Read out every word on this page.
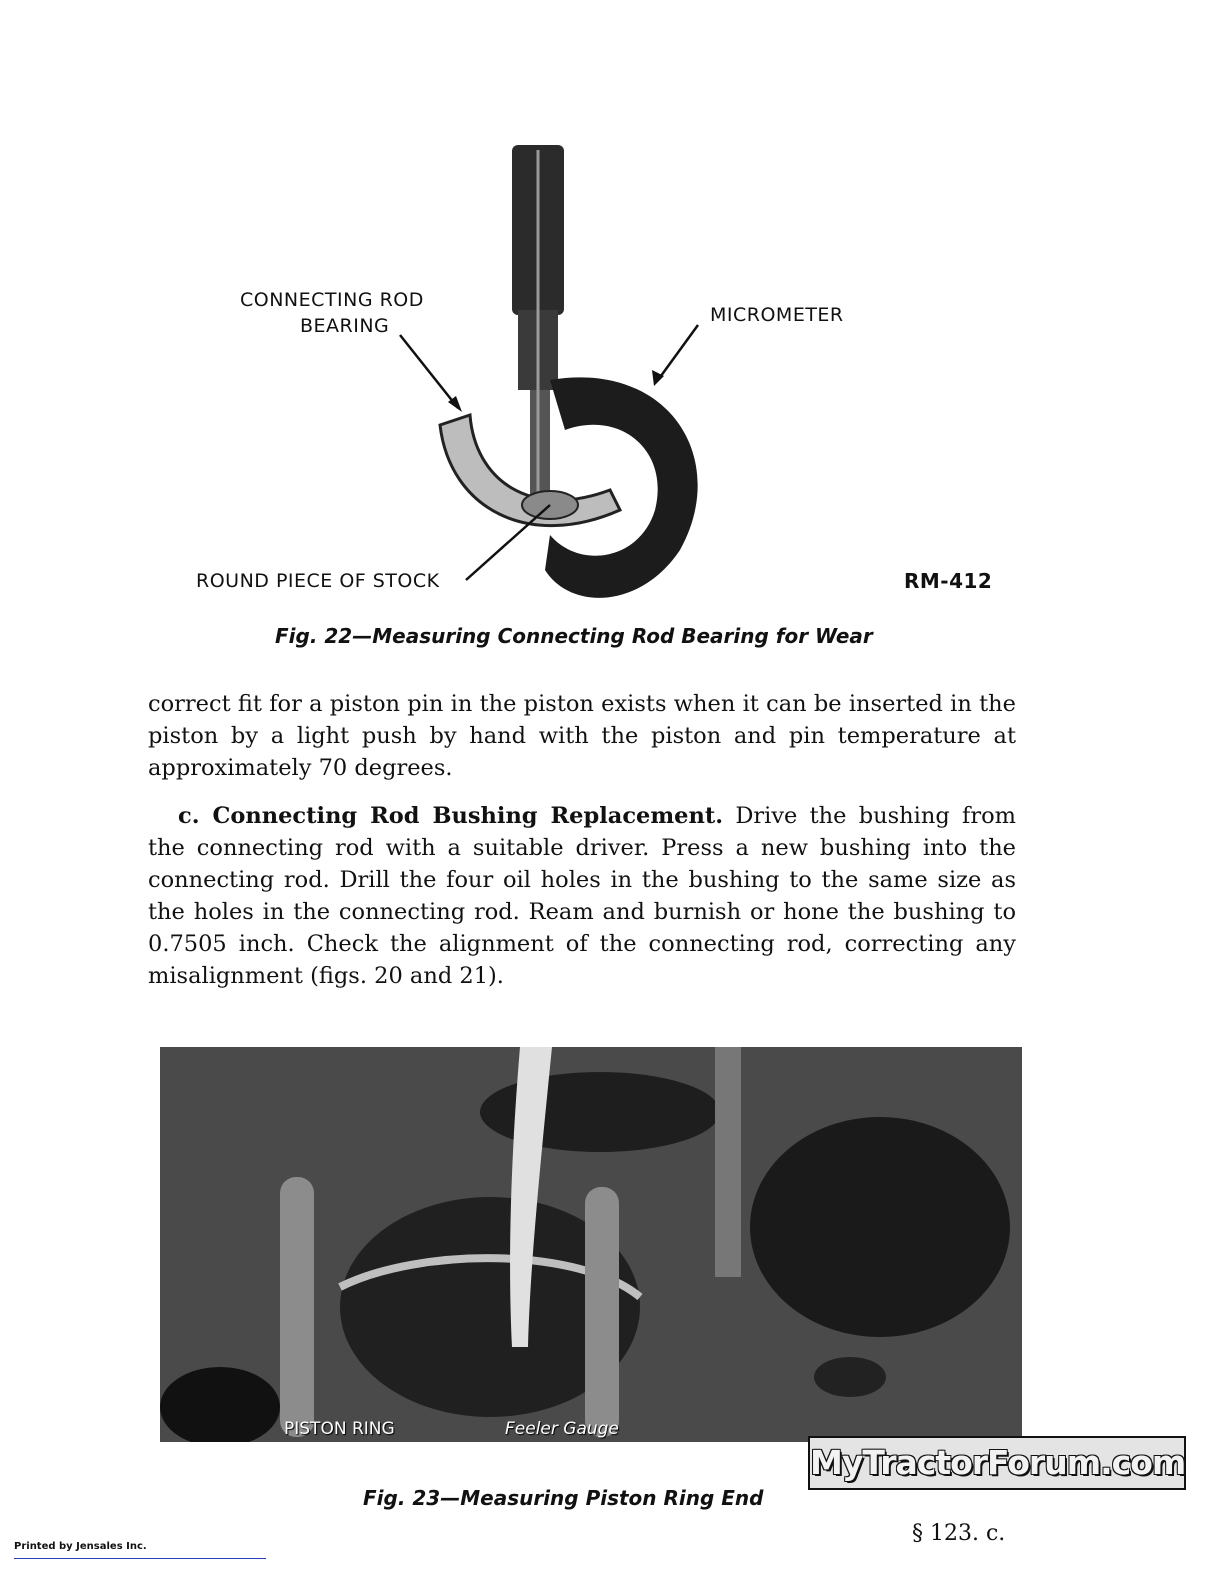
CONNECTING ROD
BEARING	MICROMETER
ROUND PIECE OF STOCK	RM-412
Fig. 22—Measuring Connecting Rod Bearing for Wear
correct fit for a piston pin in the piston exists when it can be inserted in the piston by a light push by hand with the piston and pin temperature at approximately 70 degrees.
c. Connecting Rod Bushing Replacement. Drive the bushing from the connecting rod with a suitable driver. Press a new bushing into the connecting rod. Drill the four oil holes in the bushing to the same size as the holes in the connecting rod. Ream and burnish or hone the bushing to 0.7505 inch. Check the alignment of the connecting rod, correcting any misalignment (figs. 20 and 21).
PISTON RING	Feeler Gauge
MyTractorForum.com
Fig. 23—Measuring Piston Ring End
Printed by Jensales Inc.
§ 123. c.
